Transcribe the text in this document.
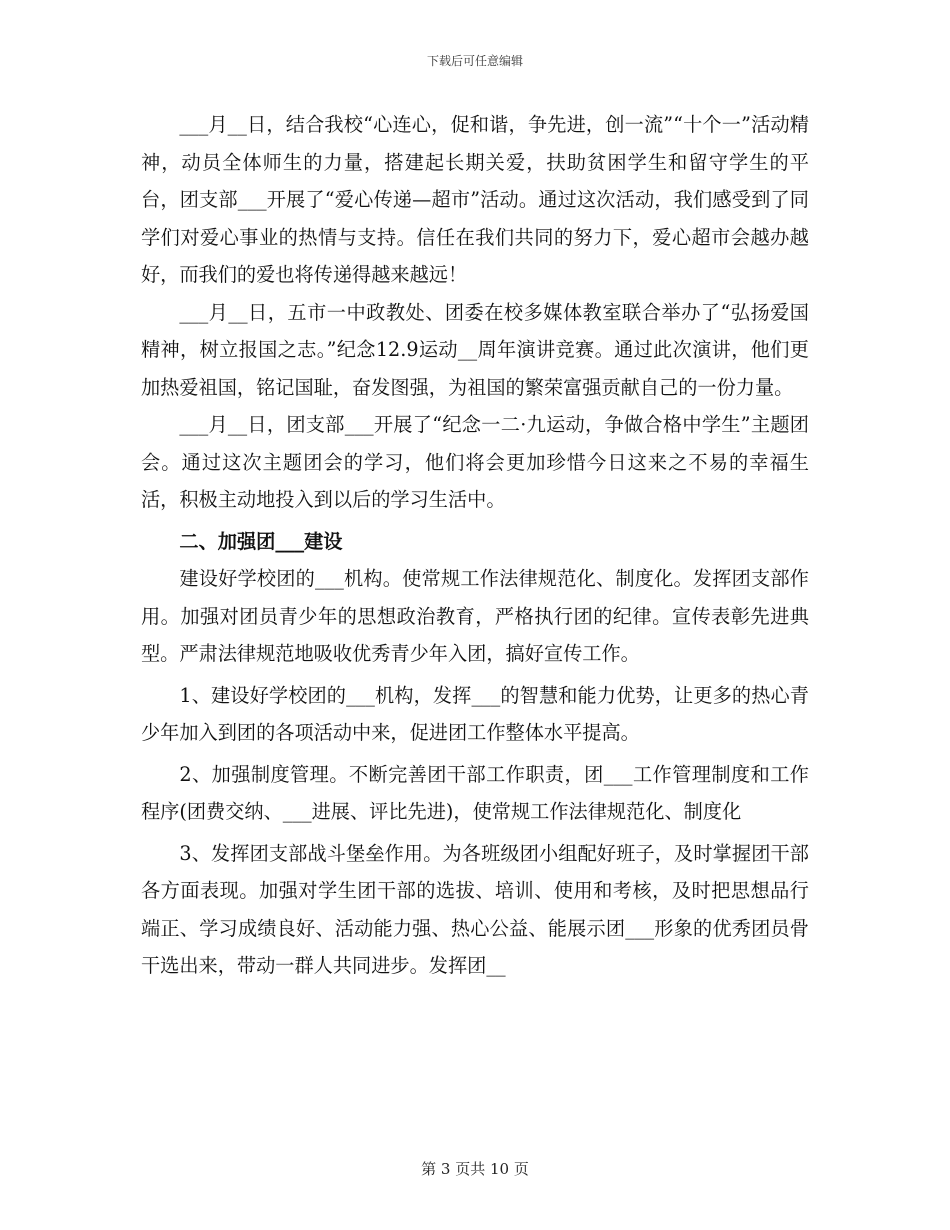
下载后可任意编辑

___月__日，结合我校“心连心，促和谐，争先进，创一流”“十个一”活动精神，动员全体师生的力量，搭建起长期关爱，扶助贫困学生和留守学生的平台，团支部___开展了“爱心传递—超市”活动。通过这次活动，我们感受到了同学们对爱心事业的热情与支持。信任在我们共同的努力下，爱心超市会越办越好，而我们的爱也将传递得越来越远！

___月__日，五市一中政教处、团委在校多媒体教室联合举办了“弘扬爱国精神，树立报国之志。”纪念12.9运动__周年演讲竞赛。通过此次演讲，他们更加热爱祖国，铭记国耻，奋发图强，为祖国的繁荣富强贡献自己的一份力量。

___月__日，团支部___开展了“纪念一二·九运动，争做合格中学生”主题团会。通过这次主题团会的学习，他们将会更加珍惜今日这来之不易的幸福生活，积极主动地投入到以后的学习生活中。

二、加强团___建设

建设好学校团的___机构。使常规工作法律规范化、制度化。发挥团支部作用。加强对团员青少年的思想政治教育，严格执行团的纪律。宣传表彰先进典型。严肃法律规范地吸收优秀青少年入团，搞好宣传工作。

1、建设好学校团的___机构，发挥___的智慧和能力优势，让更多的热心青少年加入到团的各项活动中来，促进团工作整体水平提高。

2、加强制度管理。不断完善团干部工作职责，团___工作管理制度和工作程序(团费交纳、___进展、评比先进)，使常规工作法律规范化、制度化

3、发挥团支部战斗堡垒作用。为各班级团小组配好班子，及时掌握团干部各方面表现。加强对学生团干部的选拔、培训、使用和考核，及时把思想品行端正、学习成绩良好、活动能力强、热心公益、能展示团___形象的优秀团员骨干选出来，带动一群人共同进步。发挥团__

第 3 页共 10 页
